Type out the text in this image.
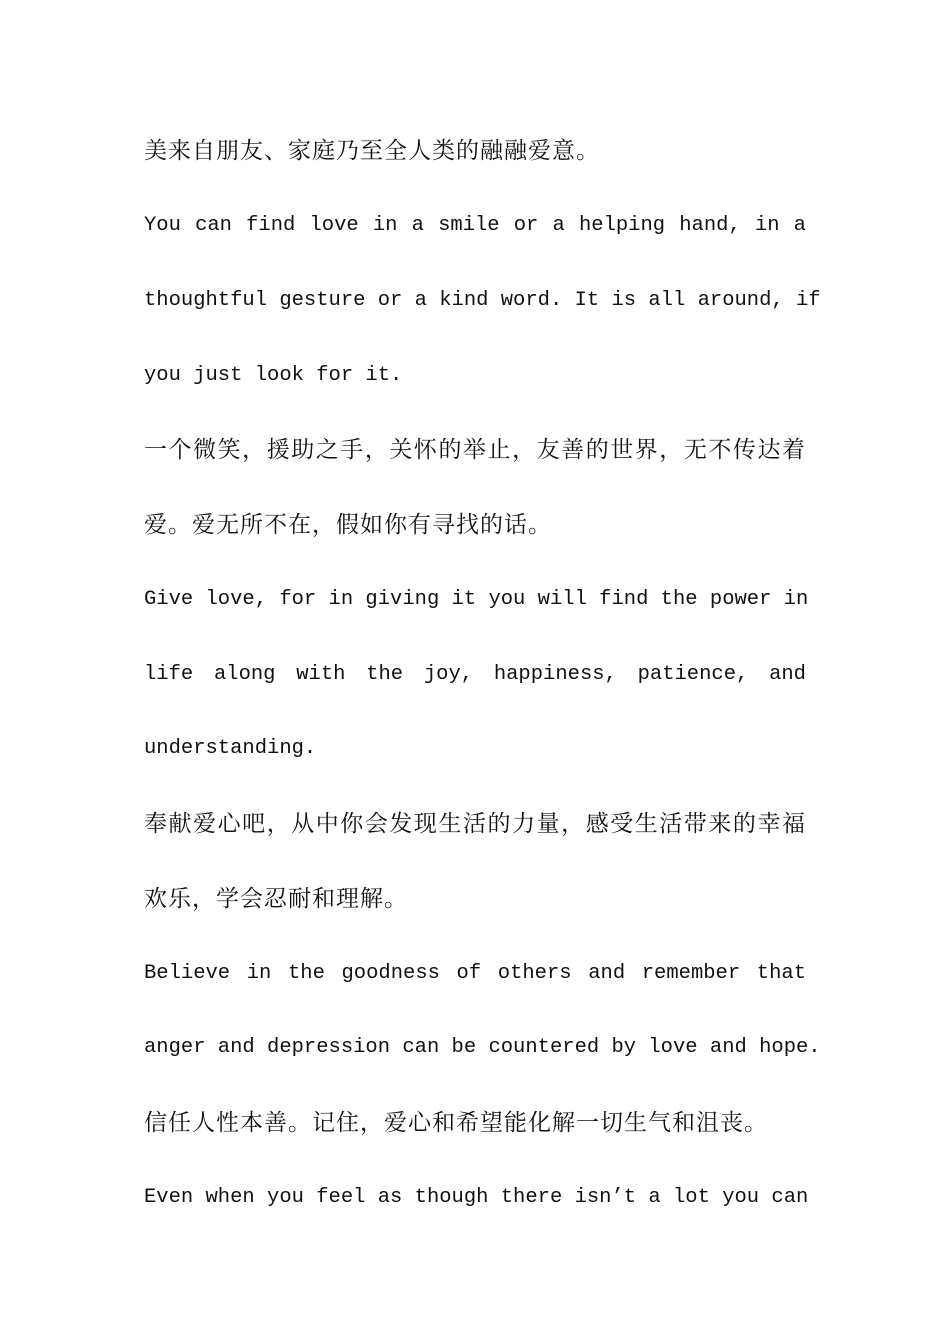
美来自朋友、家庭乃至全人类的融融爱意。
You can find love in a smile or a helping hand, in a
thoughtful gesture or a kind word. It is all around, if
you just look for it.
一个微笑，援助之手，关怀的举止，友善的世界，无不传达着
爱。爱无所不在，假如你有寻找的话。
Give love, for in giving it you will find the power in
life along with the joy, happiness, patience, and
understanding.
奉献爱心吧，从中你会发现生活的力量，感受生活带来的幸福
欢乐，学会忍耐和理解。
Believe in the goodness of others and remember that
anger and depression can be countered by love and hope.
信任人性本善。记住，爱心和希望能化解一切生气和沮丧。
Even when you feel as though there isn’t a lot you can
